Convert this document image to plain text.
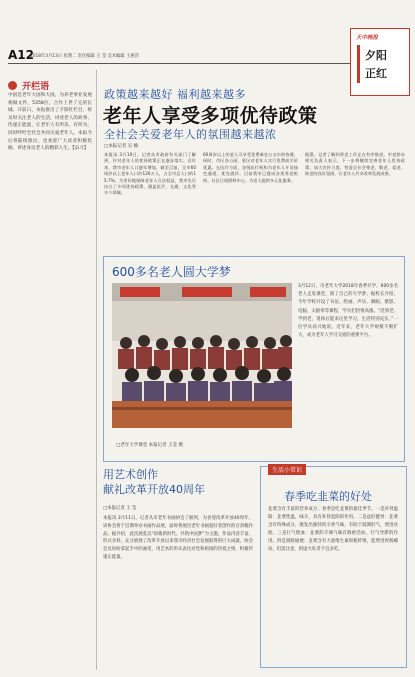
A12
2018年3月13日 星期二 责任编辑 王 莹 美术编辑 王惠萍
天中晚报
夕阳
正红
开栏语
中国是老年大国和大国，为养老事业发展相做文件，5358位，合作上世了完的长城。开前日，本报推出了夕阳红栏目，将及时关注老人的生活，讲述老人的故事，传递正能量，让老年人有所乐、有所为，同时呼吁全社会共同关爱老年人。本报今后将陆续推出，也欢迎广大读者积极投稿，讲述身边老人的精彩人生。【奋斗】
政策越来越好 福利越来越多
老年人享受多项优待政策
全社会关爱老年人的氛围越来越浓
□本报记者 吴 楠
本报讯 3月10日，记者从市政府有关部门了解到，针对老年人的优待政策正在逐步落实。近年来，我市老年人口逐年增加，截至目前，全市60周岁以上老年人口约126万人，占全市总人口的15.7%。为更好地保障老年人合法权益，我市先后出台了多项优待政策，涵盖医疗、交通、文化等多个领域。
60周岁以上的老人可享受免费乘坐公交车的待遇，同时，市区各公园、景区对老年人实行免费或半价优惠。在医疗方面，各级医疗机构为老年人开设绿色通道，优先就诊。目前我市已建成各类养老机构、社区日间照料中心，为老人提供多元化服务。
据悉，记者了解到养老工作正在有序推进，市老龄办相关负责人表示，下一步将继续完善老年人优待政策，加大宣传力度，营造全社会尊老、敬老、爱老、助老的良好氛围，让老年人共享改革发展成果。
600多名老人圆大学梦
□老年大学课堂 本报记者 王莹 摄
3月12日，市老年大学2018年春季开学，600多名老人走进课堂，圆了自己的大学梦。据校长介绍，今年学校开设了书法、绘画、声乐、舞蹈、摄影、电脑、太极拳等课程，学员们热情高涨。“活到老、学到老，退休后能来这里学习，生活特别充实。”一位学员高兴地说。近年来，老年大学规模不断扩大，成为老年人学习交流的重要平台。
用艺术创作
献礼改革开放40周年
□本报记者 王 莹
本报讯 3月11日，记者从市老年书画协会了解到，为喜迎改革开放40周年，该协会将于近期举办书画作品展，届时将展出老年书画爱好者创作的百余幅作品。据介绍，此次展览以“讴歌新时代、共筑中国梦”为主题，作品内容丰富、形式多样，充分展现了改革开放以来我市经济社会发展取得的巨大成就。协会会员纷纷拿起手中的画笔，用艺术的形式表达对党和祖国的热爱之情，积极传递正能量。
生活小常识
春季吃韭菜的好处
韭菜含有丰富的营养成分，春季是吃韭菜的最佳季节。一是补肾温阳：韭菜性温，味辛，具有补肾起阳的作用。二是益肝健胃：韭菜含有特殊成分，散发出独特的辛香气味，有助于疏调肝气，增进食欲。三是行气理血：韭菜的辛辣气味有散瘀活血、行气导滞的作用。四是润肠通便：韭菜含有大量维生素和粗纤维，能增进胃肠蠕动。但需注意，阴虚火旺者不宜多吃。
